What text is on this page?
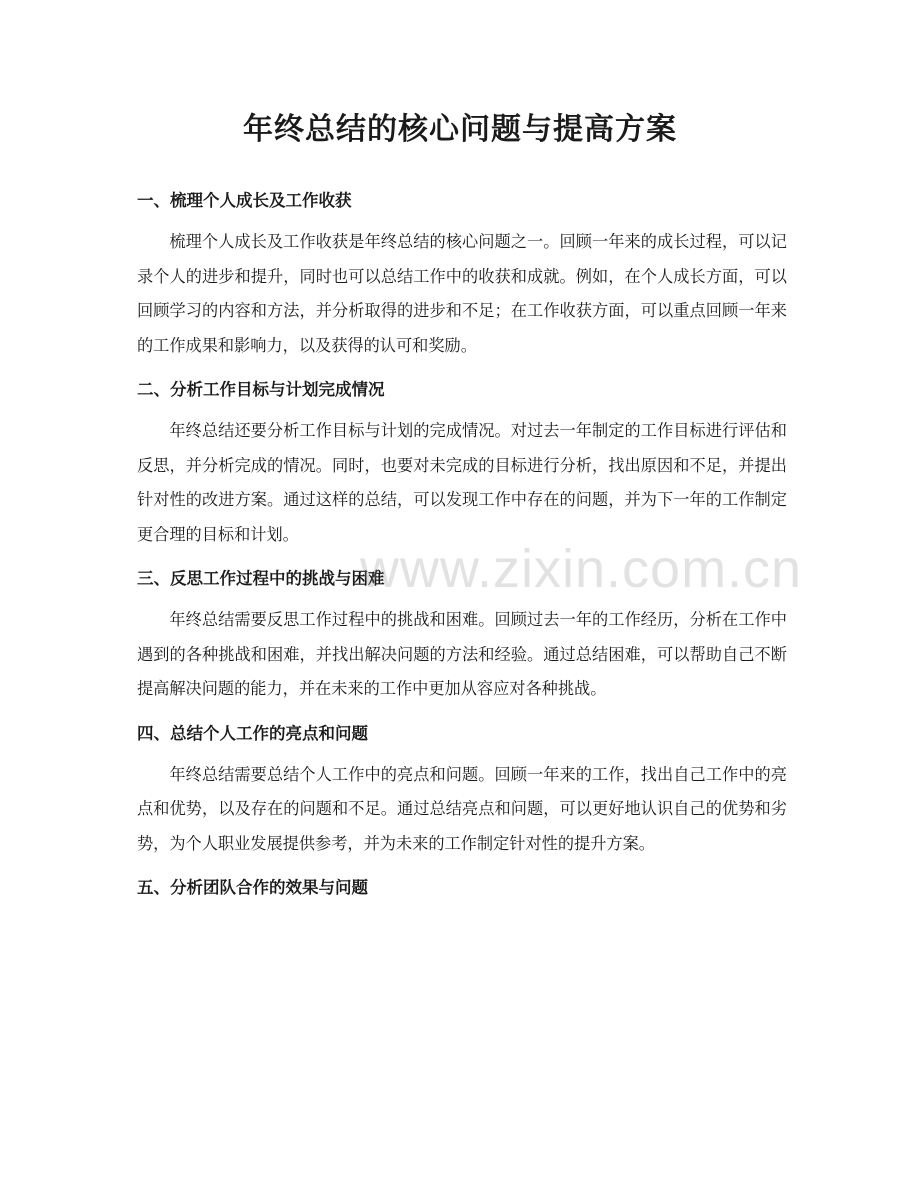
年终总结的核心问题与提高方案
一、梳理个人成长及工作收获

梳理个人成长及工作收获是年终总结的核心问题之一。回顾一年来的成长过程，可以记录个人的进步和提升，同时也可以总结工作中的收获和成就。例如，在个人成长方面，可以回顾学习的内容和方法，并分析取得的进步和不足；在工作收获方面，可以重点回顾一年来的工作成果和影响力，以及获得的认可和奖励。

二、分析工作目标与计划完成情况

年终总结还要分析工作目标与计划的完成情况。对过去一年制定的工作目标进行评估和反思，并分析完成的情况。同时，也要对未完成的目标进行分析，找出原因和不足，并提出针对性的改进方案。通过这样的总结，可以发现工作中存在的问题，并为下一年的工作制定更合理的目标和计划。

三、反思工作过程中的挑战与困难

年终总结需要反思工作过程中的挑战和困难。回顾过去一年的工作经历，分析在工作中遇到的各种挑战和困难，并找出解决问题的方法和经验。通过总结困难，可以帮助自己不断提高解决问题的能力，并在未来的工作中更加从容应对各种挑战。

四、总结个人工作的亮点和问题

年终总结需要总结个人工作中的亮点和问题。回顾一年来的工作，找出自己工作中的亮点和优势，以及存在的问题和不足。通过总结亮点和问题，可以更好地认识自己的优势和劣势，为个人职业发展提供参考，并为未来的工作制定针对性的提升方案。

五、分析团队合作的效果与问题
www.zixin.com.cn
